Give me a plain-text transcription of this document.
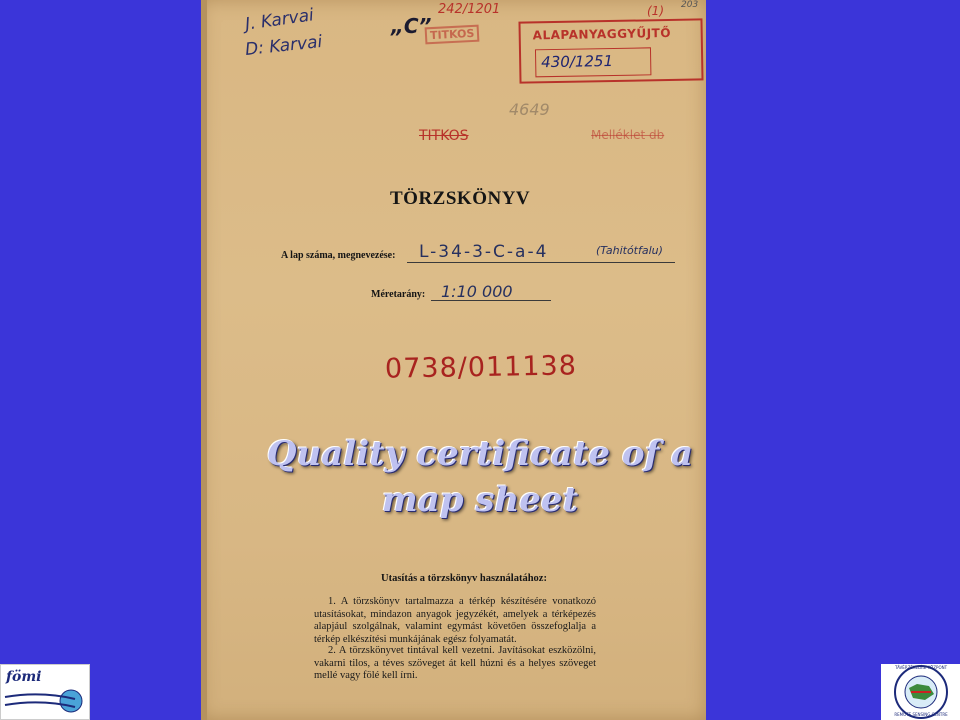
J. Karvai
D: Karvai
„C”
242/1201
TITKOS	ALAPANYAGGYŰJTŐ
430/1251
(1) 203
4649
TITKOS	Melléklet db
TÖRZSKÖNYV
A lap száma, megnevezése: L-34-3-C-a-4	(Tahitótfalu)
Méretarány: 1:10 000
0738/011138
Utasítás a törzskönyv használatához:
1. A törzskönyv tartalmazza a térkép készítésére vonatkozó utasításokat, mindazon anyagok jegyzékét, amelyek a térképezés alapjául szolgálnak, valamint egymást követően összefoglalja a térkép elkészítési munkájának egész folyamatát.
2. A törzskönyvet tintával kell vezetni. Javításokat eszközölni, vakarni tilos, a téves szöveget át kell húzni és a helyes szöveget mellé vagy fölé kell írni.
Quality certificate of a
map sheet
fömi
TÁVÉRZÉKELÉSI KÖZPONT
REMOTE SENSING CENTRE
